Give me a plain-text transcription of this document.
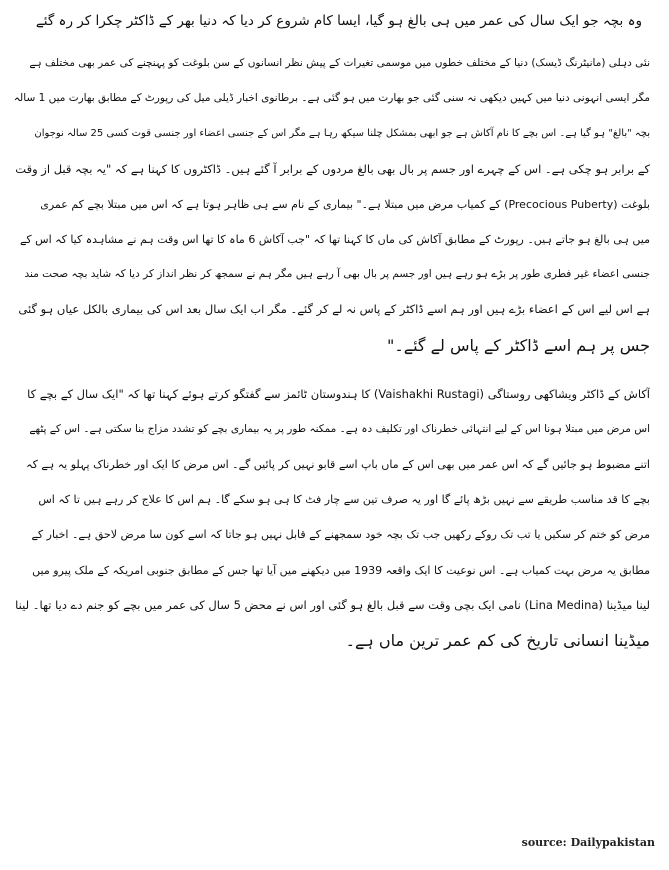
وہ بچہ جو ایک سال کی عمر میں ہی بالغ ہو گیا، ایسا کام شروع کر دیا کہ دنیا بھر کے ڈاکٹر چکرا کر رہ گئے
نئی دہلی (مانیٹرنگ ڈیسک) دنیا کے مختلف خطوں میں موسمی تغیرات کے پیش نظر انسانوں کے سن بلوغت کو پہنچنے کی عمر بھی مختلف ہے
مگر ایسی انہونی دنیا میں کہیں دیکھی نہ سنی گئی جو بھارت میں ہو گئی ہے۔ برطانوی اخبار ڈیلی میل کی رپورٹ کے مطابق بھارت میں 1 سالہ
بچہ "بالغ" ہو گیا ہے۔ اس بچے کا نام آکاش ہے جو ابھی بمشکل چلنا سیکھ رہا ہے مگر اس کے جنسی اعضاء اور جنسی قوت کسی 25 سالہ نوجوان
کے برابر ہو چکی ہے۔ اس کے چہرے اور جسم پر بال بھی بالغ مردوں کے برابر آ گئے ہیں۔ ڈاکٹروں کا کہنا ہے کہ "یہ بچہ قبل از وقت
بلوغت (Precocious Puberty) کے کمیاب مرض میں مبتلا ہے۔" بیماری کے نام سے ہی ظاہر ہوتا ہے کہ اس میں مبتلا بچے کم عمری
میں ہی بالغ ہو جاتے ہیں۔ رپورٹ کے مطابق آکاش کی ماں کا کہنا تھا کہ "جب آکاش 6 ماہ کا تھا اس وقت ہم نے مشاہدہ کیا کہ اس کے
جنسی اعضاء غیر فطری طور پر بڑے ہو رہے ہیں اور جسم پر بال بھی آ رہے ہیں مگر ہم نے سمجھ کر نظر انداز کر دیا کہ شاید بچہ صحت مند
ہے اس لیے اس کے اعضاء بڑے ہیں اور ہم اسے ڈاکٹر کے پاس نہ لے کر گئے۔ مگر اب ایک سال بعد اس کی بیماری بالکل عیاں ہو گئی
جس پر ہم اسے ڈاکٹر کے پاس لے گئے۔"
آکاش کے ڈاکٹر ویشاکھی روستاگی (Vaishakhi Rustagi) کا ہندوستان ٹائمز سے گفتگو کرتے ہوئے کہنا تھا کہ "ایک سال کے بچے کا
اس مرض میں مبتلا ہونا اس کے لیے انتہائی خطرناک اور تکلیف دہ ہے۔ ممکنہ طور پر یہ بیماری بچے کو تشدد مزاج بنا سکتی ہے۔ اس کے پٹھے
اتنے مضبوط ہو جائیں گے کہ اس عمر میں بھی اس کے ماں باپ اسے قابو نہیں کر پائیں گے۔ اس مرض کا ایک اور خطرناک پہلو یہ ہے کہ
بچے کا قد مناسب طریقے سے نہیں بڑھ پائے گا اور یہ صرف تین سے چار فٹ کا ہی ہو سکے گا۔ ہم اس کا علاج کر رہے ہیں تا کہ اس
مرض کو ختم کر سکیں یا تب تک روکے رکھیں جب تک بچہ خود سمجھنے کے قابل نہیں ہو جاتا کہ اسے کون سا مرض لاحق ہے۔ اخبار کے
مطابق یہ مرض بہت کمیاب ہے۔ اس نوعیت کا ایک واقعہ 1939 میں دیکھنے میں آیا تھا جس کے مطابق جنوبی امریکہ کے ملک پیرو میں
لینا میڈینا (Lina Medina) نامی ایک بچی وقت سے قبل بالغ ہو گئی اور اس نے محض 5 سال کی عمر میں بچے کو جنم دے دیا تھا۔ لینا
میڈینا انسانی تاریخ کی کم عمر ترین ماں ہے۔
source: Dailypakistan
